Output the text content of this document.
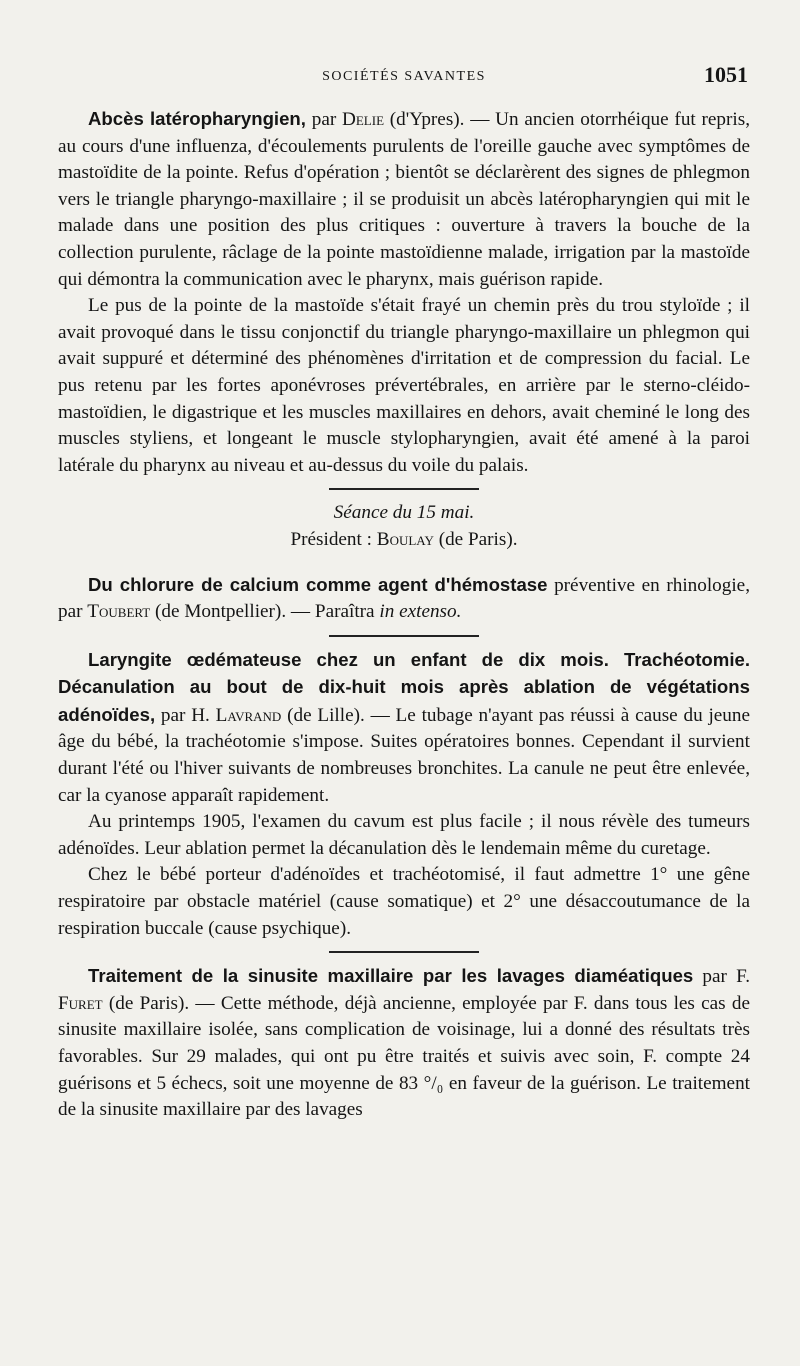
SOCIÉTÉS SAVANTES	1051

Abcès latéropharyngien, par Delie (d'Ypres). — Un ancien otorrhéique fut repris, au cours d'une influenza, d'écoulements purulents de l'oreille gauche avec symptômes de mastoïdite de la pointe. Refus d'opération ; bientôt se déclarèrent des signes de phlegmon vers le triangle pharyngo-maxillaire ; il se produisit un abcès latéropharyngien qui mit le malade dans une position des plus critiques : ouverture à travers la bouche de la collection purulente, râclage de la pointe mastoïdienne malade, irrigation par la mastoïde qui démontra la communication avec le pharynx, mais guérison rapide.

Le pus de la pointe de la mastoïde s'était frayé un chemin près du trou styloïde ; il avait provoqué dans le tissu conjonctif du triangle pharyngo-maxillaire un phlegmon qui avait suppuré et déterminé des phénomènes d'irritation et de compression du facial. Le pus retenu par les fortes aponévroses prévertébrales, en arrière par le sterno-cléido-mastoïdien, le digastrique et les muscles maxillaires en dehors, avait cheminé le long des muscles styliens, et longeant le muscle stylopharyngien, avait été amené à la paroi latérale du pharynx au niveau et au-dessus du voile du palais.

Séance du 15 mai.

Président : Boulay (de Paris).

Du chlorure de calcium comme agent d'hémostase préventive en rhinologie, par Toubert (de Montpellier). — Paraîtra in extenso.

Laryngite œdémateuse chez un enfant de dix mois. Trachéotomie. Décanulation au bout de dix-huit mois après ablation de végétations adénoïdes, par H. Lavrand (de Lille). — Le tubage n'ayant pas réussi à cause du jeune âge du bébé, la trachéotomie s'impose. Suites opératoires bonnes. Cependant il survient durant l'été ou l'hiver suivants de nombreuses bronchites. La canule ne peut être enlevée, car la cyanose apparaît rapidement.

Au printemps 1905, l'examen du cavum est plus facile ; il nous révèle des tumeurs adénoïdes. Leur ablation permet la décanulation dès le lendemain même du curetage.

Chez le bébé porteur d'adénoïdes et trachéotomisé, il faut admettre 1° une gêne respiratoire par obstacle matériel (cause somatique) et 2° une désaccoutumance de la respiration buccale (cause psychique).

Traitement de la sinusite maxillaire par les lavages diaméatiques par F. Furet (de Paris). — Cette méthode, déjà ancienne, employée par F. dans tous les cas de sinusite maxillaire isolée, sans complication de voisinage, lui a donné des résultats très favorables. Sur 29 malades, qui ont pu être traités et suivis avec soin, F. compte 24 guérisons et 5 échecs, soit une moyenne de 83 °/₀ en faveur de la guérison. Le traitement de la sinusite maxillaire par des lavages
